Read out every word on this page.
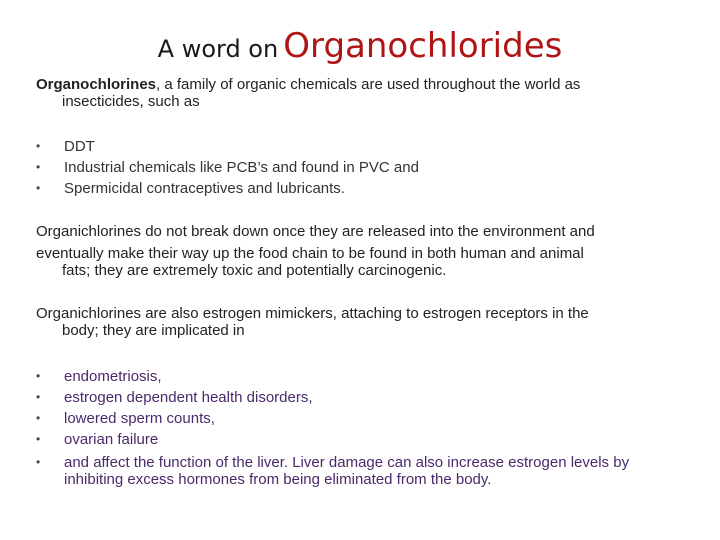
A word on Organochlorides
Organochlorines, a family of organic chemicals are used throughout the world as
insecticides, such as
•	DDT
•	Industrial chemicals like PCB’s and found in PVC and
•	Spermicidal contraceptives and lubricants.
Organichlorines do not break down once they are released into the environment and
eventually make their way up the food chain to be found in both human and animal
fats; they are extremely toxic and potentially carcinogenic.
Organichlorines are also estrogen mimickers, attaching to estrogen receptors in the
body; they are implicated in
•	endometriosis,
•	estrogen dependent health disorders,
•	lowered sperm counts,
•	ovarian failure
•	and affect the function of the liver. Liver damage can also increase estrogen levels by inhibiting excess hormones from being eliminated from the body.
